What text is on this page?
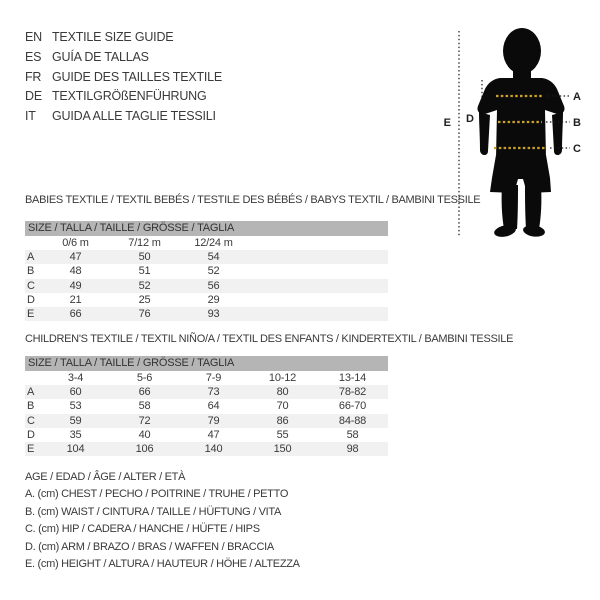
EN TEXTILE SIZE GUIDE
ES GUÍA DE TALLAS
FR GUIDE DES TAILLES TEXTILE
DE TEXTILGRÖßENFÜHRUNG
IT	GUIDA ALLE TAGLIE TESSILI	E D
A
B
C
BABIES TEXTILE / TEXTIL BEBÉS / TESTILE DES BÉBÉS / BABYS TEXTIL / BAMBINI TESSILE
SIZE / TALLA / TAILLE / GRÖSSE / TAGLIA				
	0/6 m	7/12 m	12/24 m	
A	47	50	54	
B	48	51	52	
C	49	52	56	
D	21	25	29	
E	66	76	93	
CHILDREN'S TEXTILE / TEXTIL NIÑO/A / TEXTIL DES ENFANTS / KINDERTEXTIL / BAMBINI TESSILE
SIZE / TALLA / TAILLE / GRÖSSE / TAGLIA					
	3-4	5-6	7-9	10-12	13-14
A	60	66	73	80	78-82
B	53	58	64	70	66-70
C	59	72	79	86	84-88
D	35	40	47	55	58
E	104	106	140	150	98
AGE / EDAD / ÂGE / ALTER / ETÀ
A. (cm) CHEST / PECHO / POITRINE / TRUHE / PETTO
B. (cm) WAIST / CINTURA / TAILLE / HÜFTUNG / VITA
C. (cm) HIP / CADERA / HANCHE / HÜFTE / HIPS
D. (cm) ARM / BRAZO / BRAS / WAFFEN / BRACCIA
E. (cm) HEIGHT / ALTURA / HAUTEUR / HÖHE / ALTEZZA
